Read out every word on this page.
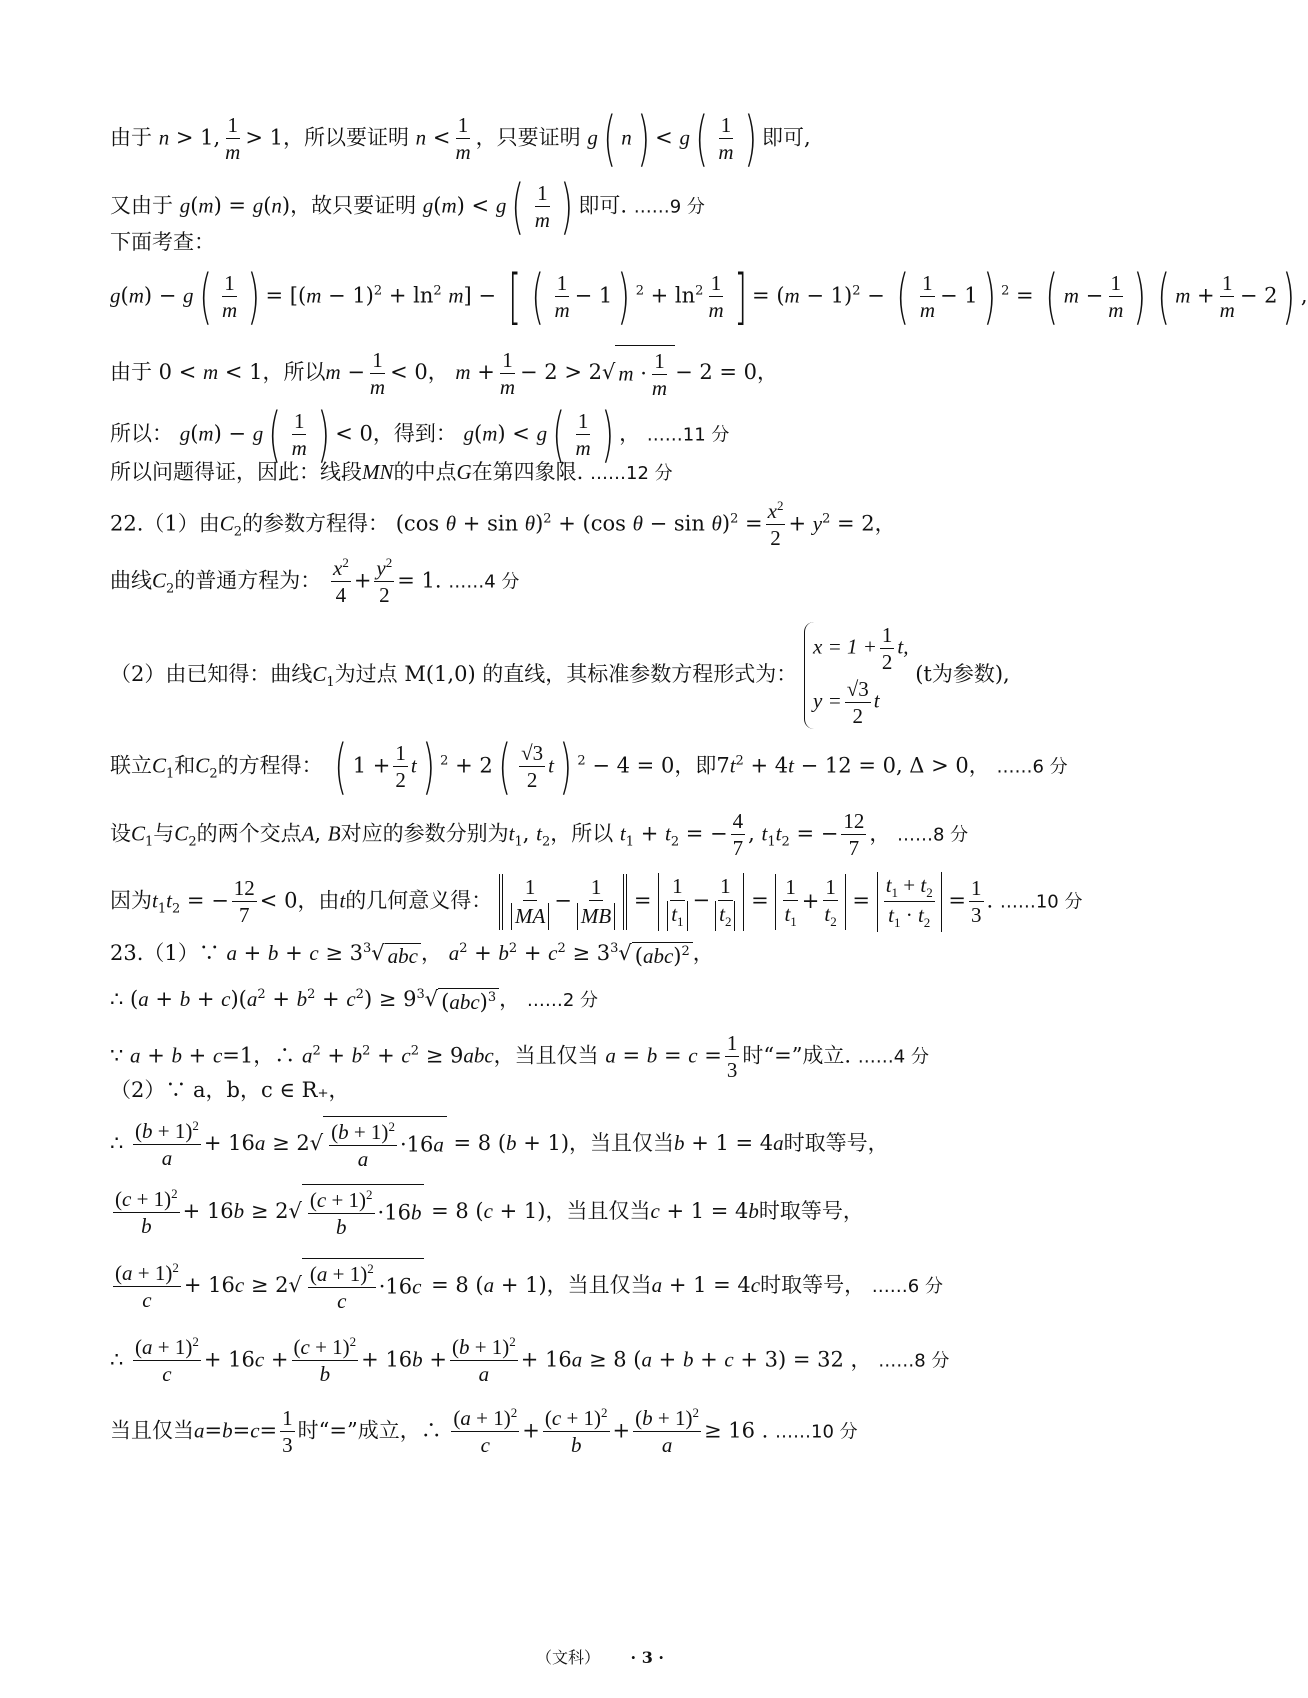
由于 n > 1, $\frac{1}{m} > 1$，所以要证明 $n < \frac{1}{m}$ ，只要证明 g( $n) < g( \frac{1}{m}$ ) 即可,
又由于 g(m) = g(n)，故只要证明 $g(m) < g( \frac{1}{m}$ ) 即可. ……9 分
下面考查：
$g(m) - g( \frac{1}{m}$ ) = $[(m - 1)^2 + \ln^2 m]$ − [ ( $\frac{1}{m} - 1$) $^2 + \ln^2 \frac{1}{m}$ ] = $(m - 1)^2$ − ( $\frac{1}{m} - 1$) $^2$ = ( $m - \frac{1}{m}$ ) ( $m + \frac{1}{m} - 2$) ,
由于 0 < m < 1，所以$m - \frac{1}{m} < 0$， $m + \frac{1}{m} - 2 > 2√$ $m \cdot \frac{1}{m} - 2 = 0$，
所以： $g(m) - g( \frac{1}{m}$ ) < 0，得到： $g(m) < g( \frac{1}{m}$ ) ， ……11 分
所以问题得证，因此：线段MN的中点G在第四象限. ……12 分
22.（1）由$C_2$的参数方程得： (cos θ + sin θ)$^2$ + (cos $\theta - \sin \theta)^2 = \frac{x^2}{2} + y^2 = 2$，
曲线$C_2$的普通方程为： $\frac{x^2}{4} + \frac{y^2}{2} = 1$. ……4 分
（2）由已知得：曲线$C_1$为过点 M(1,0) 的直线，其标准参数方程形式为：
$x = 1 + \frac{1}{2} t$,
$y = \frac{√3}{2}$ t
(t为参数),
联立$C_1$和$C_2$的方程得： ( $1 + \frac{1}{2} t$) $^2 + 2( \frac{√3}{2} t)$ $^2$ − 4 = 0，即$7t^2 + 4t - 12 = 0$, Δ > 0， ……6 分
设$C_1$与$C_2$的两个交点A, B对应的参数分别为$t_1$, $t_2$，所以 $t_1 + t_2$ = − $\frac{4}{7}$ , $t_1t_2$ = − $\frac{12}{7}$ ， ……8 分
因为$t_1t_2$ = − $\frac{12}{7} < 0$，由t的几何意义得： $\frac{1}{MA} - \frac{1}{MB} = \frac{1}{t_1} - \frac{1}{t_2} = \frac{1}{t_1} + \frac{1}{t_2} = \frac{t_1 + t_2}{t_1 \cdot t_2} = \frac{1}{3}$ . ……10 分
23.（1）∵ $a + b + c \ge 3^3√$ abc ， $a^2 + b^2 + c^2 \ge 3^3√$ (abc)$^2$ ，
∴ $(a + b + c)(a^2 + b^2 + c^2) \ge 9^3√$ (abc)$^3$ ， ……2 分
∵ a + b + c=1，∴ $a^2 + b^2 + c^2 \ge 9abc$，当且仅当 $a = b = c = \frac{1}{3}$ 时“=”成立. ……4 分
（2）∵ a，b，c ∈ R₊，
∴ $\frac{(b + 1)^2}{a} + 16a \ge 2√ \frac{(b + 1)^2}{a} \cdot 16a = 8$ (b + 1)，当且仅当b + 1 = 4a时取等号，
$\frac{(c + 1)^2}{b} + 16b \ge 2√ \frac{(c + 1)^2}{b} \cdot 16b = 8$ (c + 1)，当且仅当c + 1 = 4b时取等号，
$\frac{(a + 1)^2}{c} + 16c \ge 2√ \frac{(a + 1)^2}{c} \cdot 16c = 8$ (a + 1)，当且仅当a + 1 = 4c时取等号， ……6 分
∴ $\frac{(a + 1)^2}{c} + 16c + \frac{(c + 1)^2}{b} + 16b + \frac{(b + 1)^2}{a} + 16a \ge 8$ (a + b + c + 3) = 32 ， ……8 分
当且仅当$a=b=c= \frac{1}{3}$ 时“=”成立，∴ $\frac{(a + 1)^2}{c} + \frac{(c + 1)^2}{b} + \frac{(b + 1)^2}{a} \ge 16$ . ……10 分
（文科） · 3 ·
